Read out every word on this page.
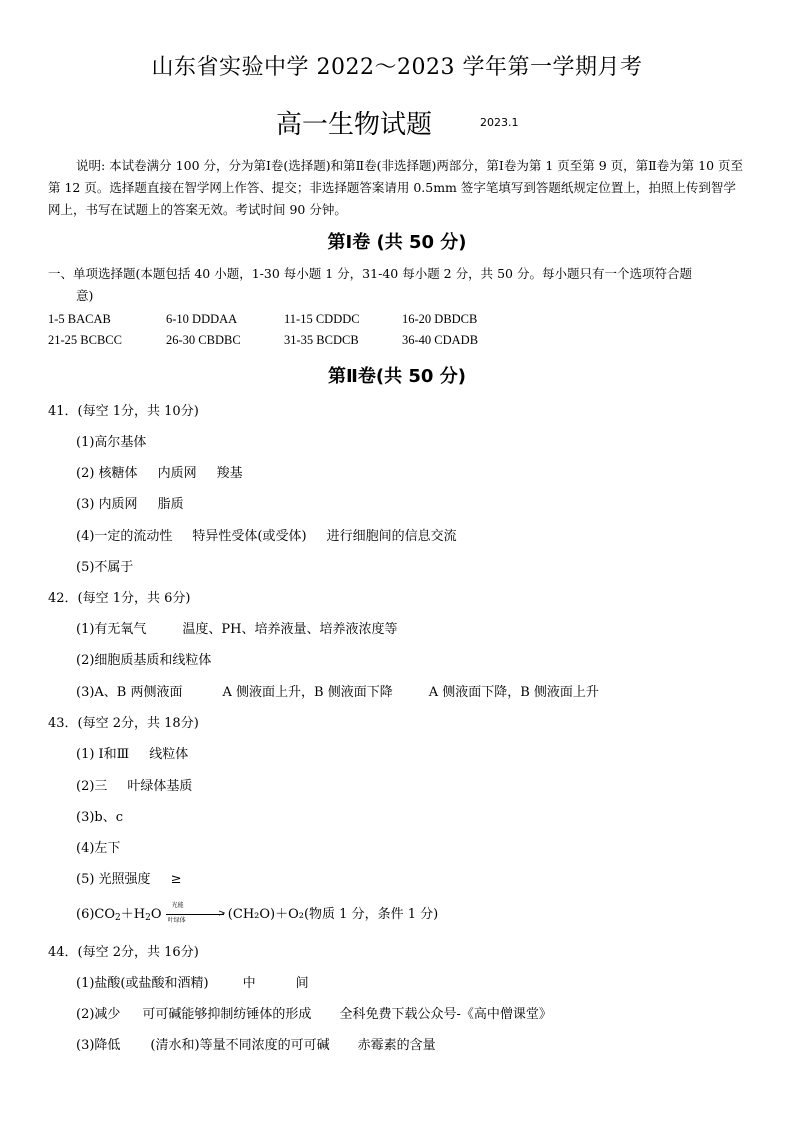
山东省实验中学 2022～2023 学年第一学期月考
高一生物试题	2023.1
说明: 本试卷满分 100 分，分为第Ⅰ卷(选择题)和第Ⅱ卷(非选择题)两部分，第Ⅰ卷为第 1 页至第 9 页，第Ⅱ卷为第 10 页至第 12 页。选择题直接在智学网上作答、提交；非选择题答案请用 0.5mm 签字笔填写到答题纸规定位置上，拍照上传到智学网上，书写在试题上的答案无效。考试时间 90 分钟。
第Ⅰ卷 (共 50 分)
一、单项选择题(本题包括 40 小题，1-30 每小题 1 分，31-40 每小题 2 分，共 50 分。每小题只有一个选项符合题
意)
1-5 BACAB	6-10 DDDAA	11-15 CDDDC	16-20 DBDCB
21-25 BCBCC	26-30 CBDBC	31-35 BCDCB	36-40 CDADB
第Ⅱ卷(共 50 分)
41．(每空 1分，共 10分)
(1)高尔基体
(2) 核糖体 内质网 羧基
(3) 内质网 脂质
(4)一定的流动性 特异性受体(或受体) 进行细胞间的信息交流
(5)不属于
42．(每空 1分，共 6分)
(1)有无氧气	温度、PH、培养液量、培养液浓度等
(2)细胞质基质和线粒体
(3)A、B 两侧液面	A 侧液面上升，B 侧液面下降	A 侧液面下降，B 侧液面上升
43．(每空 2分，共 18分)
(1) Ⅰ和Ⅲ 线粒体
(2)三 叶绿体基质
(3)b、c
(4)左下
(5) 光照强度 ≥
$(6)CO_2+H_2O$
光能
>
叶绿体	(CH₂O)＋O₂(物质 1 分，条件 1 分)
44．(每空 2分，共 16分)
(1)盐酸(或盐酸和酒精)	中	间
(2)减少 可可碱能够抑制纺锤体的形成 全科免费下载公众号-《高中僧课堂》
(3)降低 (清水和)等量不同浓度的可可碱 赤霉素的含量
